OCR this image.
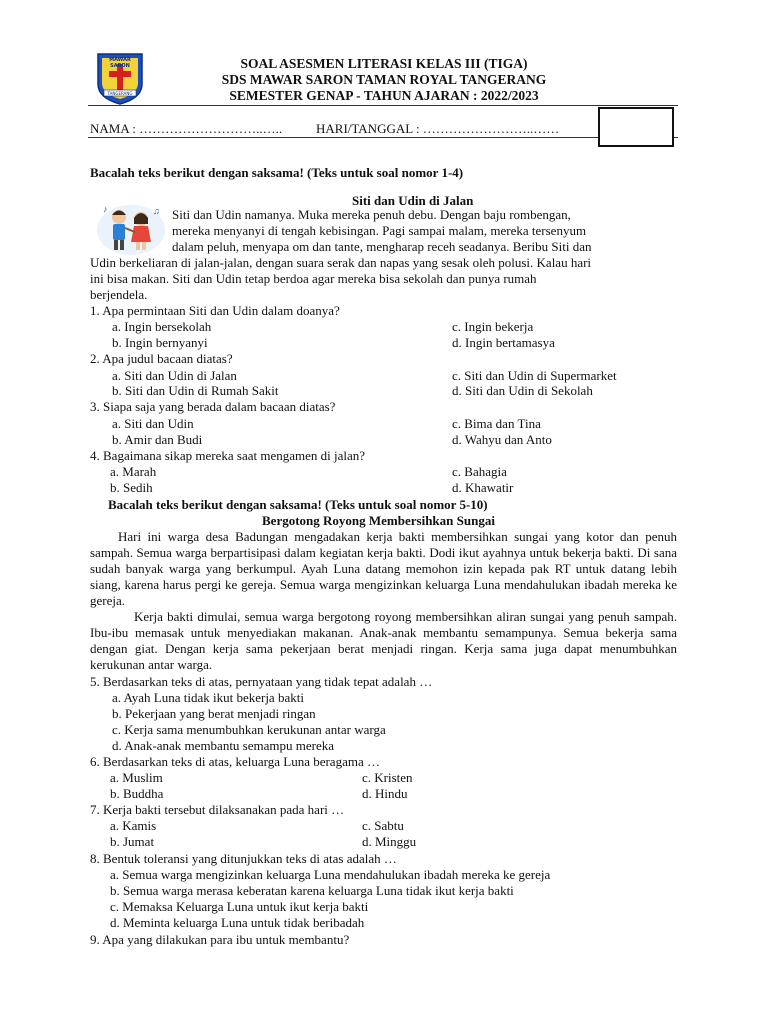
MAWAR SARON
TANGERANG
SOAL ASESMEN LITERASI KELAS III (TIGA)
SDS MAWAR SARON TAMAN ROYAL TANGERANG
SEMESTER GENAP - TAHUN AJARAN : 2022/2023
NAMA : ………………………..…..	HARI/TANGGAL : ……………………..……
Bacalah teks berikut dengan saksama! (Teks untuk soal nomor 1-4)
Siti dan Udin di Jalan
♪	♫ Siti dan Udin namanya. Muka mereka penuh debu. Dengan baju rombengan,
mereka menyanyi di tengah kebisingan. Pagi sampai malam, mereka tersenyum
dalam peluh, menyapa om dan tante, mengharap receh seadanya. Beribu Siti dan
Udin berkeliaran di jalan-jalan, dengan suara serak dan napas yang sesak oleh polusi. Kalau hari
ini bisa makan. Siti dan Udin tetap berdoa agar mereka bisa sekolah dan punya rumah
berjendela.
1. Apa permintaan Siti dan Udin dalam doanya?
a. Ingin bersekolah	c. Ingin bekerja
b. Ingin bernyanyi	d. Ingin bertamasya
2. Apa judul bacaan diatas?
a. Siti dan Udin di Jalan	c. Siti dan Udin di Supermarket
b. Siti dan Udin di Rumah Sakit	d. Siti dan Udin di Sekolah
3. Siapa saja yang berada dalam bacaan diatas?
a. Siti dan Udin	c. Bima dan Tina
b. Amir dan Budi	d. Wahyu dan Anto
4. Bagaimana sikap mereka saat mengamen di jalan?
a. Marah	c. Bahagia
b. Sedih	d. Khawatir
Bacalah teks berikut dengan saksama! (Teks untuk soal nomor 5-10)
Bergotong Royong Membersihkan Sungai
Hari ini warga desa Badungan mengadakan kerja bakti membersihkan sungai yang kotor dan penuh sampah. Semua warga berpartisipasi dalam kegiatan kerja bakti. Dodi ikut ayahnya untuk bekerja bakti. Di sana sudah banyak warga yang berkumpul. Ayah Luna datang memohon izin kepada pak RT untuk datang lebih siang, karena harus pergi ke gereja. Semua warga mengizinkan keluarga Luna mendahulukan ibadah mereka ke gereja.
Kerja bakti dimulai, semua warga bergotong royong membersihkan aliran sungai yang penuh sampah. Ibu-ibu memasak untuk menyediakan makanan. Anak-anak membantu semampunya. Semua bekerja sama dengan giat. Dengan kerja sama pekerjaan berat menjadi ringan. Kerja sama juga dapat menumbuhkan kerukunan antar warga.
5. Berdasarkan teks di atas, pernyataan yang tidak tepat adalah …
a. Ayah Luna tidak ikut bekerja bakti
b. Pekerjaan yang berat menjadi ringan
c. Kerja sama menumbuhkan kerukunan antar warga
d. Anak-anak membantu semampu mereka
6. Berdasarkan teks di atas, keluarga Luna beragama …
a. Muslim	c. Kristen
b. Buddha	d. Hindu
7. Kerja bakti tersebut dilaksanakan pada hari …
a. Kamis	c. Sabtu
b. Jumat	d. Minggu
8. Bentuk toleransi yang ditunjukkan teks di atas adalah …
a. Semua warga mengizinkan keluarga Luna mendahulukan ibadah mereka ke gereja
b. Semua warga merasa keberatan karena keluarga Luna tidak ikut kerja bakti
c. Memaksa Keluarga Luna untuk ikut kerja bakti
d. Meminta keluarga Luna untuk tidak beribadah
9. Apa yang dilakukan para ibu untuk membantu?
